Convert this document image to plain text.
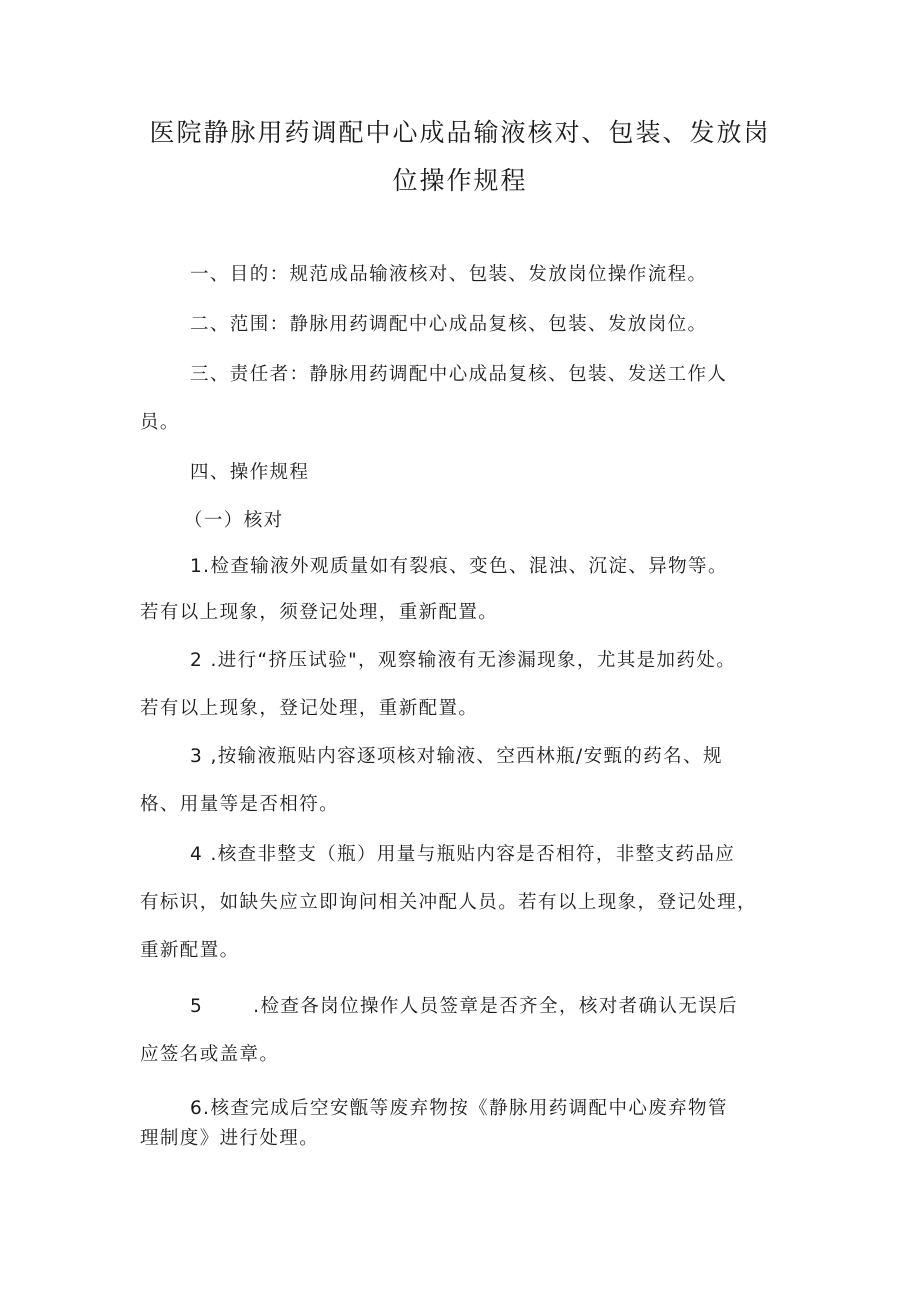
医院静脉用药调配中心成品输液核对、包装、发放岗
位操作规程
一、目的：规范成品输液核对、包装、发放岗位操作流程。
二、范围：静脉用药调配中心成品复核、包装、发放岗位。
三、责任者：静脉用药调配中心成品复核、包装、发送工作人
员。
四、操作规程
（一）核对
1.检查输液外观质量如有裂痕、变色、混浊、沉淀、异物等。
若有以上现象，须登记处理，重新配置。
2 .进行“挤压试验"，观察输液有无渗漏现象，尤其是加药处。
若有以上现象，登记处理，重新配置。
3 ,按输液瓶贴内容逐项核对输液、空西林瓶/安甄的药名、规
格、用量等是否相符。
4 .核查非整支（瓶）用量与瓶贴内容是否相符，非整支药品应
有标识，如缺失应立即询问相关冲配人员。若有以上现象，登记处理，
重新配置。
5	.检查各岗位操作人员签章是否齐全，核对者确认无误后
应签名或盖章。
6.核查完成后空安甑等废弃物按《静脉用药调配中心废弃物管
理制度》进行处理。
